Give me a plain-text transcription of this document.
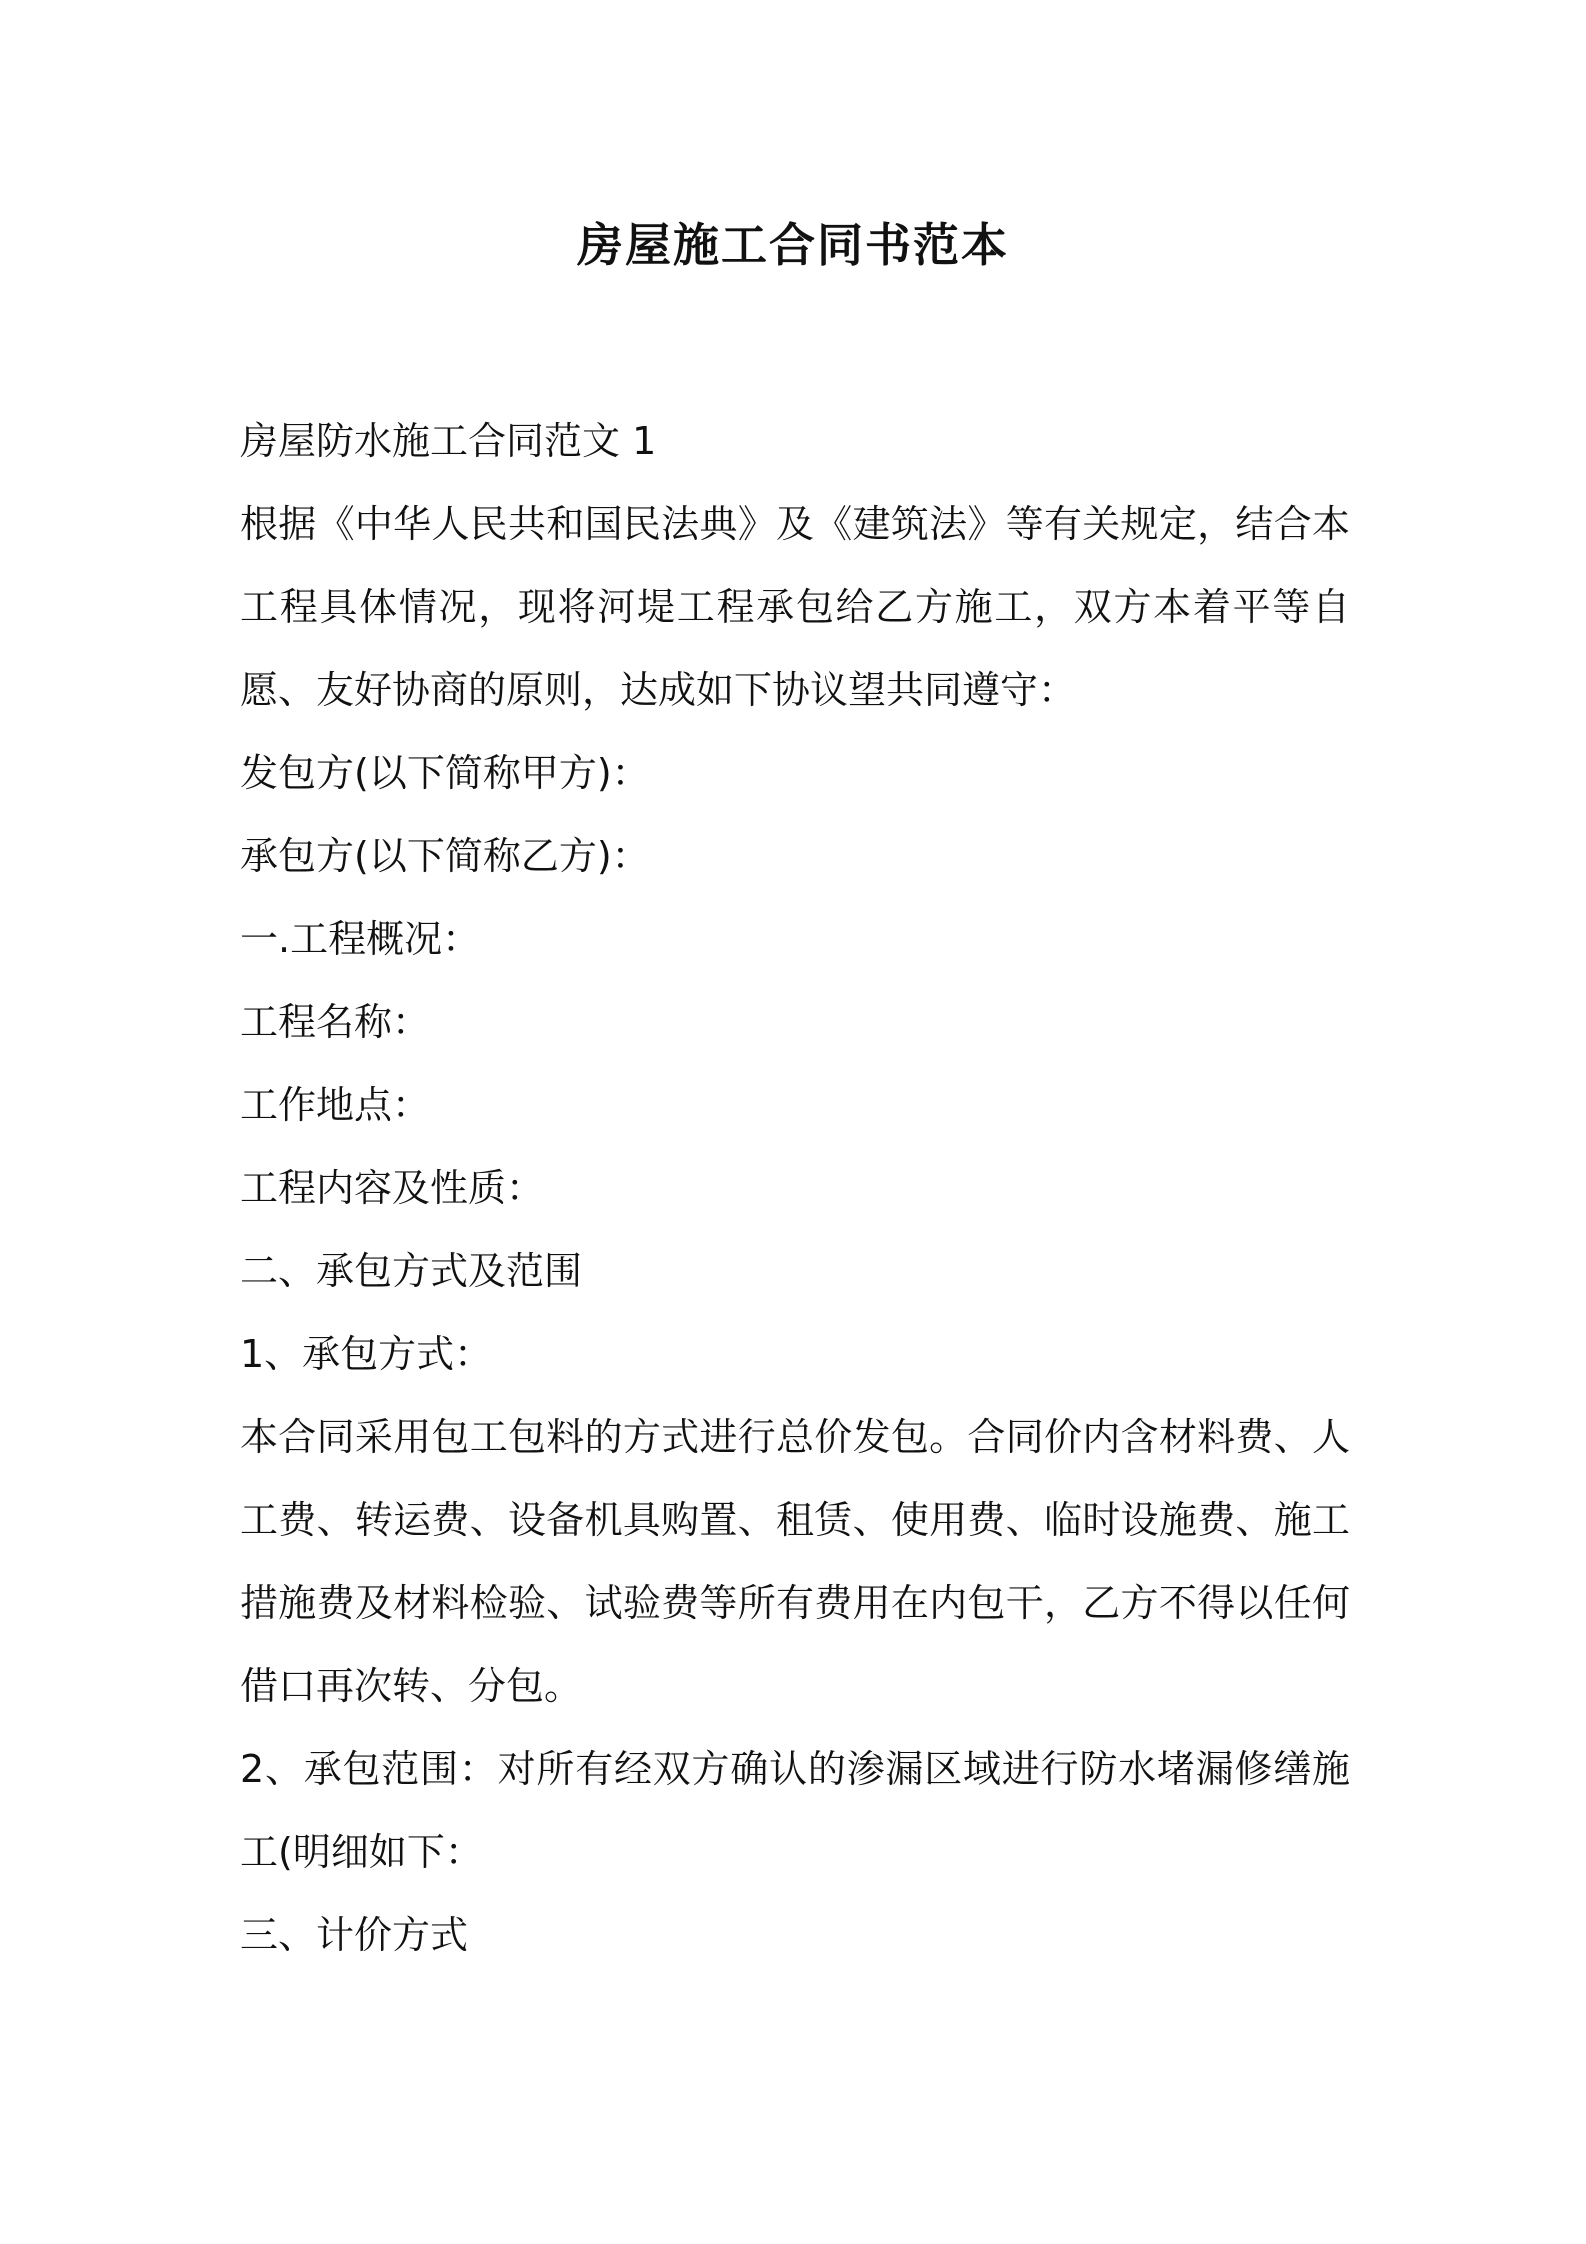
房屋施工合同书范本

房屋防水施工合同范文 1

根据《中华人民共和国民法典》及《建筑法》等有关规定，结合本工程具体情况，现将河堤工程承包给乙方施工，双方本着平等自愿、友好协商的原则，达成如下协议望共同遵守：

发包方(以下简称甲方)：

承包方(以下简称乙方)：

一.工程概况：

工程名称：

工作地点：

工程内容及性质：

二、承包方式及范围

1、承包方式：

本合同采用包工包料的方式进行总价发包。合同价内含材料费、人工费、转运费、设备机具购置、租赁、使用费、临时设施费、施工措施费及材料检验、试验费等所有费用在内包干，乙方不得以任何借口再次转、分包。

2、承包范围：对所有经双方确认的渗漏区域进行防水堵漏修缮施工(明细如下：

三、计价方式
